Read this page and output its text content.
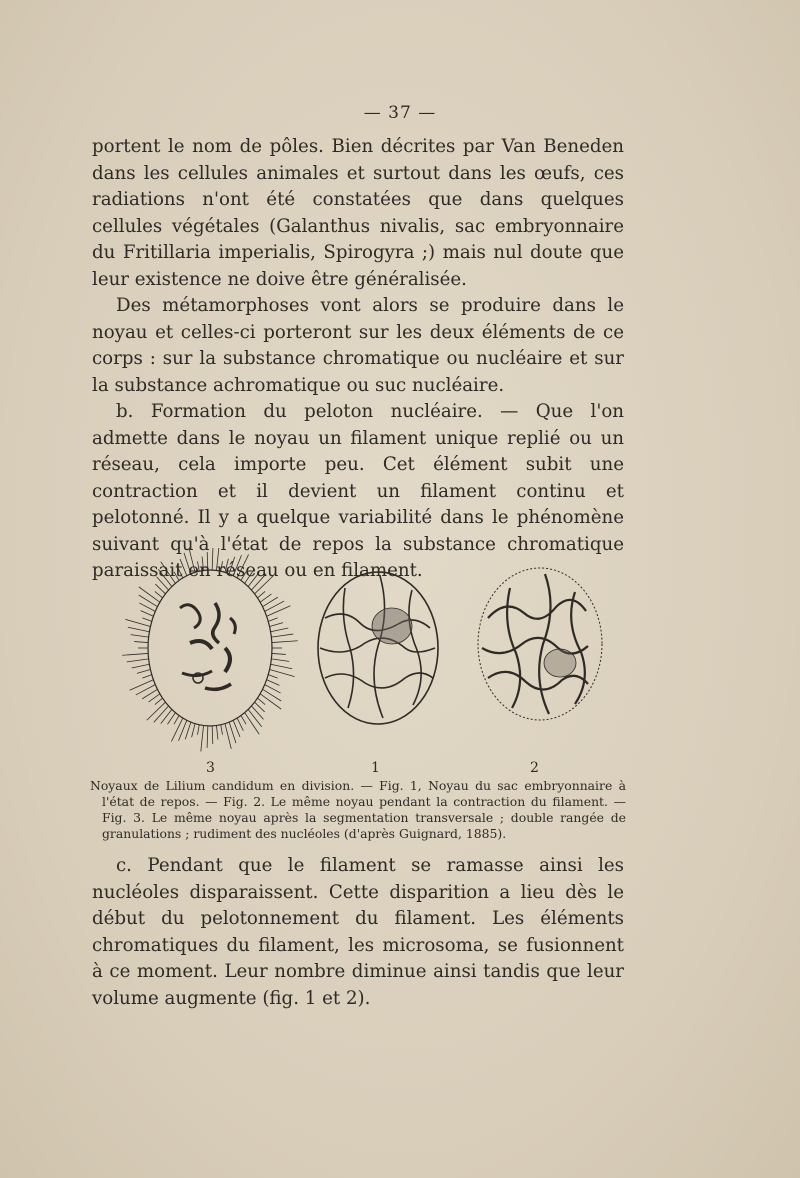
— 37 —

portent le nom de pôles. Bien décrites par Van Beneden dans les cellules animales et surtout dans les œufs, ces radiations n'ont été constatées que dans quelques cellules végétales (Galanthus nivalis, sac embryonnaire du Fritillaria imperialis, Spirogyra ;) mais nul doute que leur existence ne doive être généralisée.

Des métamorphoses vont alors se produire dans le noyau et celles-ci porteront sur les deux éléments de ce corps : sur la substance chromatique ou nucléaire et sur la substance achromatique ou suc nucléaire.

b. Formation du peloton nucléaire. — Que l'on admette dans le noyau un filament unique replié ou un réseau, cela importe peu. Cet élément subit une contraction et il devient un filament continu et pelotonné. Il y a quelque variabilité dans le phénomène suivant qu'à l'état de repos la substance chromatique paraissait en réseau ou en filament.

3	1	2

Noyaux de Lilium candidum en division. — Fig. 1, Noyau du sac embryonnaire à l'état de repos. — Fig. 2. Le même noyau pendant la contraction du filament. — Fig. 3. Le même noyau après la segmentation transversale ; double rangée de granulations ; rudiment des nucléoles (d'après Guignard, 1885).

c. Pendant que le filament se ramasse ainsi les nucléoles disparaissent. Cette disparition a lieu dès le début du pelotonnement du filament. Les éléments chromatiques du filament, les microsoma, se fusionnent à ce moment. Leur nombre diminue ainsi tandis que leur volume augmente (fig. 1 et 2).
